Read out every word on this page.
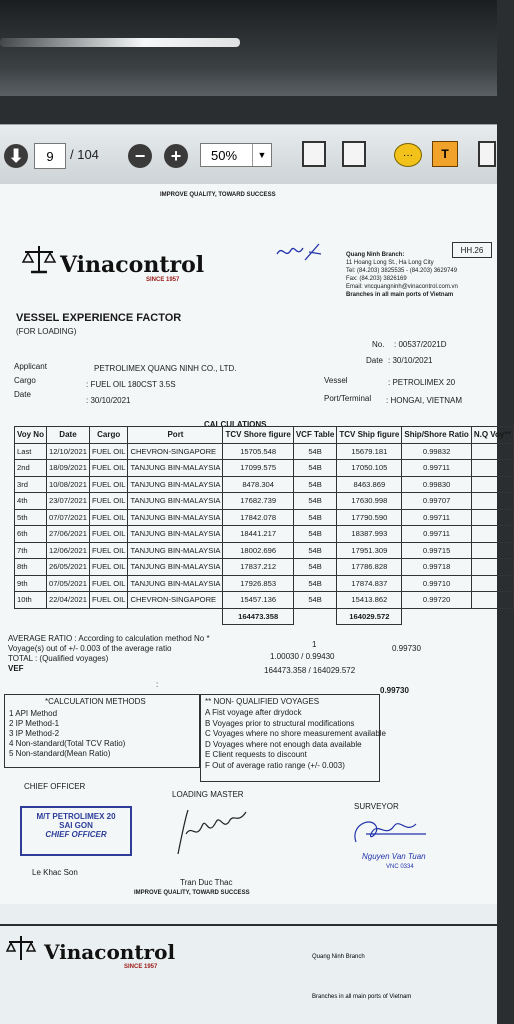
⬇	9	/ 104	−	+	50%	▼	···	T
IMPROVE QUALITY, TOWARD SUCCESS
HH.26
Vinacontrol
SINCE 1957
Quang Ninh Branch:
11 Hoang Long St., Ha Long City
Tel: (84.203) 3825535 - (84.203) 3629749
Fax: (84.203) 3826169
Email: vncquangninh@vinacontrol.com.vn
Branches in all main ports of Vietnam
VESSEL EXPERIENCE FACTOR
(FOR LOADING)
No. : 00537/2021D
Date : 30/10/2021
Applicant	PETROLIMEX QUANG NINH CO., LTD.
Cargo	: FUEL OIL 180CST 3.5S
Date
: 30/10/2021
Vessel	: PETROLIMEX 20
Port/Terminal : HONGAI, VIETNAM
CALCULATIONS
Voy No	Date	Cargo	Port	TCV Shore figure	VCF Table	TCV Ship figure	Ship/Shore Ratio	N.Q Voy**
Last	12/10/2021	FUEL OIL	CHEVRON-SINGAPORE	15705.548	54B	15679.181	0.99832	
2nd	18/09/2021	FUEL OIL	TANJUNG BIN-MALAYSIA	17099.575	54B	17050.105	0.99711	
3rd	10/08/2021	FUEL OIL	TANJUNG BIN-MALAYSIA	8478.304	54B	8463.869	0.99830	
4th	23/07/2021	FUEL OIL	TANJUNG BIN-MALAYSIA	17682.739	54B	17630.998	0.99707	
5th	07/07/2021	FUEL OIL	TANJUNG BIN-MALAYSIA	17842.078	54B	17790.590	0.99711	
6th	27/06/2021	FUEL OIL	TANJUNG BIN-MALAYSIA	18441.217	54B	18387.993	0.99711	
7th	12/06/2021	FUEL OIL	TANJUNG BIN-MALAYSIA	18002.696	54B	17951.309	0.99715	
8th	26/05/2021	FUEL OIL	TANJUNG BIN-MALAYSIA	17837.212	54B	17786.828	0.99718	
9th	07/05/2021	FUEL OIL	TANJUNG BIN-MALAYSIA	17926.853	54B	17874.837	0.99710	
10th	22/04/2021	FUEL OIL	CHEVRON-SINGAPORE	15457.136	54B	15413.862	0.99720	
				164473.358		164029.572		
AVERAGE RATIO : According to calculation method No *
1	0.99730
Voyage(s) out of +/- 0.003 of the average ratio
TOTAL : (Qualified voyages)	1.00030 / 0.99430
164473.358 / 164029.572
VEF
0.99730
:
*CALCULATION METHODS
1 API Method
2 IP Method-1
3 IP Method-2
4 Non-standard(Total TCV Ratio)
5 Non-standard(Mean Ratio)
** NON- QUALIFIED VOYAGES
A Fist voyage after drydock
B Voyages prior to structural modifications
C Voyages where no shore measurement available
D Voyages where not enough data available
E Client requests to discount
F Out of average ratio range (+/- 0.003)
CHIEF OFFICER
LOADING MASTER
SURVEYOR
M/T PETROLIMEX 20
SAI GON
CHIEF OFFICER
Le Khac Son
Tran Duc Thac
Nguyen Van Tuan
VNC 0334
IMPROVE QUALITY, TOWARD SUCCESS
Vinacontrol
SINCE 1957
Quang Ninh Branch
Branches in all main ports of Vietnam
